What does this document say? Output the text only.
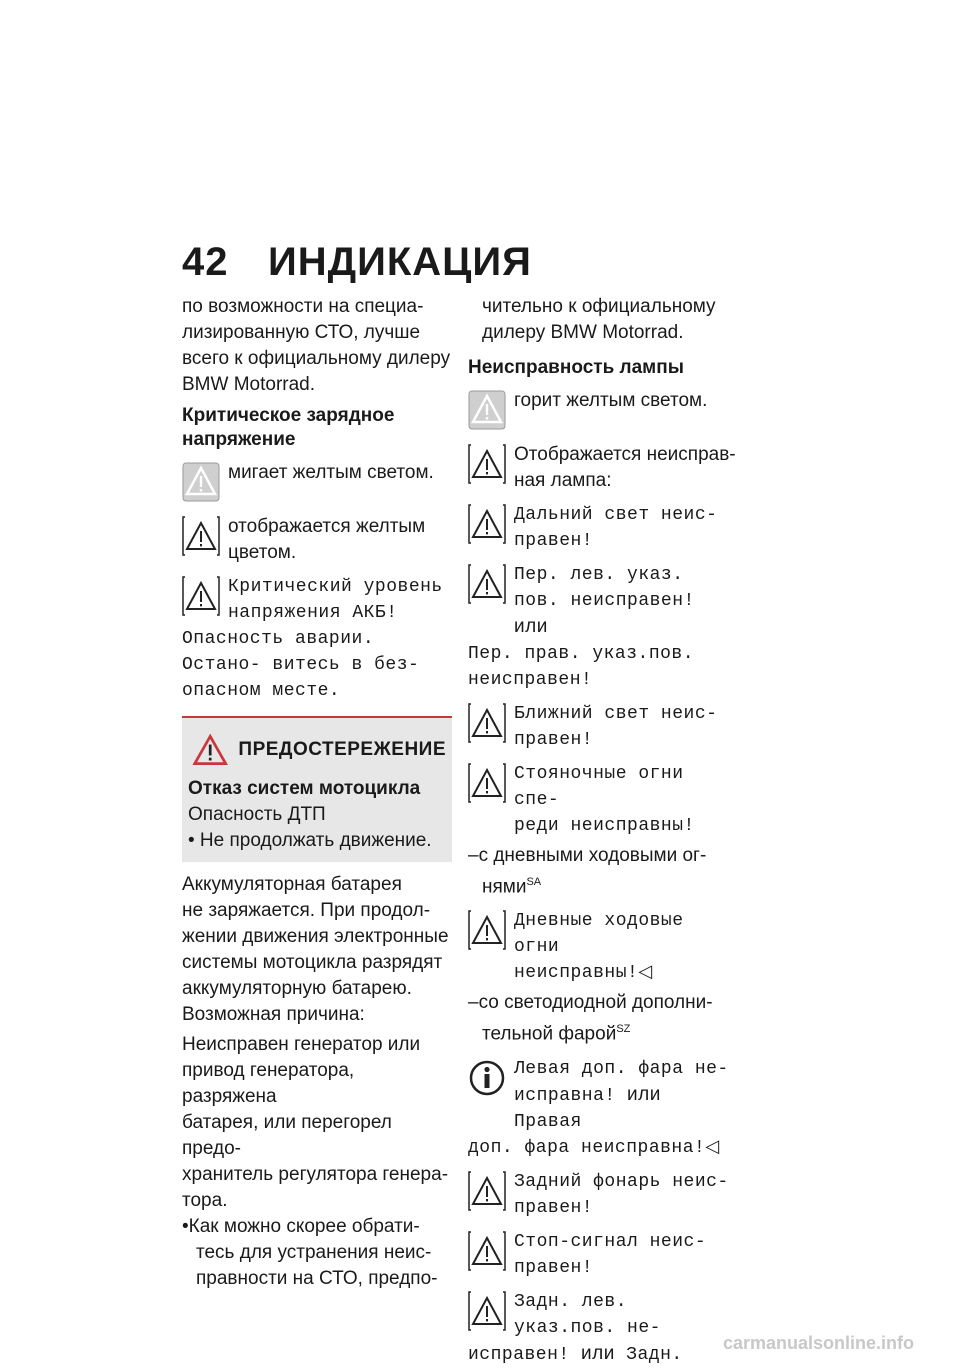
42 ИНДИКАЦИЯ

по возможности на специа-

лизированную СТО, лучше

всего к официальному дилеру

BMW Motorrad.

Критическое зарядное

напряжение

мигает желтым светом.

отображается желтым

цветом.

Критический уровень

напряжения АКБ!

Опасность аварии.

Остано- витесь в без-

опасном месте.

ПРЕДОСТЕРЕЖЕНИЕ

Отказ систем мотоцикла

Опасность ДТП

• Не продолжать движение.

Аккумуляторная батарея

не заряжается. При продол-

жении движения электронные

системы мотоцикла разрядят

аккумуляторную батарею.

Возможная причина:

Неисправен генератор или

привод генератора, разряжена

батарея, или перегорел предо-

хранитель регулятора генера-

тора.

•Как можно скорее обрати-

тесь для устранения неис-

правности на СТО, предпо-

чительно к официальному

дилеру BMW Motorrad.

Неисправность лампы

горит желтым светом.

Отображается неисправ-

ная лампа:

Дальний свет неис-

правен!

Пер. лев. указ.

пов. неисправен! или

Пер. прав. указ.пов.

неисправен!

Ближний свет неис-

правен!

Стояночные огни спе-

реди неисправны!

–с дневными ходовыми ог-

нями$^{SA}$

Дневные ходовые огни

неисправны!◁

–со светодиодной дополни-

тельной фарой$^{SZ}$

Левая доп. фара не-

исправна! или Правая

доп. фара неисправна!◁

Задний фонарь неис-

правен!

Стоп-сигнал неис-

правен!

Задн. лев.

указ.пов. не-

исправен! или Задн.

carmanualsonline.info
